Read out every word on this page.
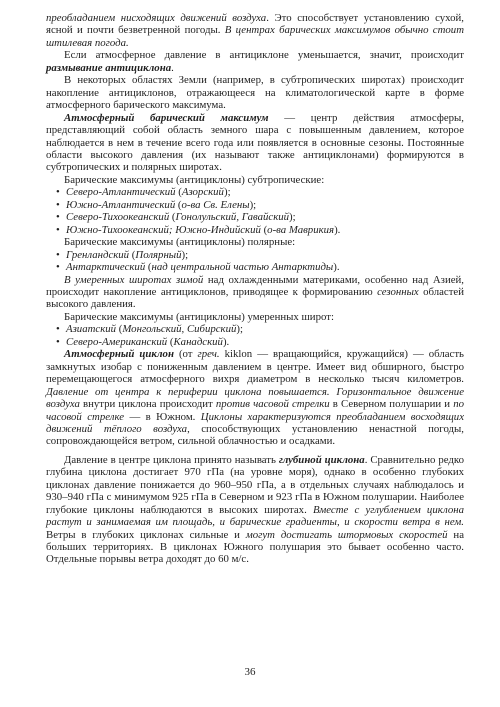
преобладанием нисходящих движений воздуха. Это способствует установлению сухой, ясной и почти безветренной погоды. В центрах барических максимумов обычно стоит штилевая погода.

Если атмосферное давление в антициклоне уменьшается, значит, происходит размывание антициклона.

В некоторых областях Земли (например, в субтропических широтах) происходит накопление антициклонов, отражающееся на климатологической карте в форме атмосферного барического максимума.

Атмосферный барический максимум — центр действия атмосферы, представляющий собой область земного шара с повышенным давлением, которое наблюдается в нем в течение всего года или появляется в основные сезоны. Постоянные области высокого давления (их называют также антициклонами) формируются в субтропических и полярных широтах.

Барические максимумы (антициклоны) субтропические:

• Северо-Атлантический (Азорский);

• Южно-Атлантический (о-ва Св. Елены);

• Северо-Тихоокеанский (Гонолульский, Гавайский);

• Южно-Тихоокеанский; Южно-Индийский (о-ва Маврикия).

Барические максимумы (антициклоны) полярные:

• Гренландский (Полярный);

• Антарктический (над центральной частью Антарктиды).

В умеренных широтах зимой над охлажденными материками, особенно над Азией, происходит накопление антициклонов, приводящее к формированию сезонных областей высокого давления.

Барические максимумы (антициклоны) умеренных широт:

• Азиатский (Монгольский, Сибирский);

• Северо-Американский (Канадский).

Атмосферный циклон (от греч. kiklon — вращающийся, кружащийся) — область замкнутых изобар с пониженным давлением в центре. Имеет вид обширного, быстро перемещающегося атмосферного вихря диаметром в несколько тысяч километров. Давление от центра к периферии циклона повышается. Горизонтальное движение воздуха внутри циклона происходит против часовой стрелки в Северном полушарии и по часовой стрелке — в Южном. Циклоны характеризуются преобладанием восходящих движений тёплого воздуха, способствующих установлению ненастной погоды, сопровождающейся ветром, сильной облачностью и осадками.

Давление в центре циклона принято называть глубиной циклона. Сравнительно редко глубина циклона достигает 970 гПа (на уровне моря), однако в особенно глубоких циклонах давление понижается до 960–950 гПа, а в отдельных случаях наблюдалось и 930–940 гПа с минимумом 925 гПа в Северном и 923 гПа в Южном полушарии. Наиболее глубокие циклоны наблюдаются в высоких широтах. Вместе с углублением циклона растут и занимаемая им площадь, и барические градиенты, и скорости ветра в нем. Ветры в глубоких циклонах сильные и могут достигать штормовых скоростей на больших территориях. В циклонах Южного полушария это бывает особенно часто. Отдельные порывы ветра доходят до 60 м/с.

36
